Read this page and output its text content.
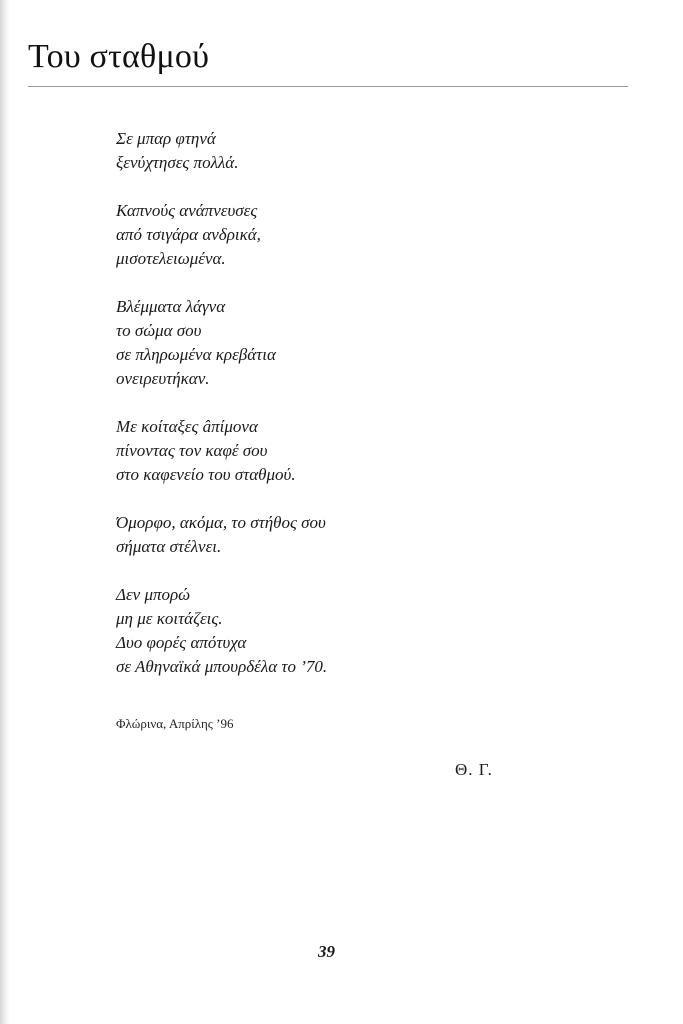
Του σταθμού

Σε μπαρ φτηνά
ξενύχτησες πολλά.

Καπνούς ανάπνευσες
από τσιγάρα ανδρικά,
μισοτελειωμένα.

Βλέμματα λάγνα
το σώμα σου
σε πληρωμένα κρεβάτια
ονειρευτήκαν.

Με κοίταξες âπίμονα
πίνοντας τον καφέ σου
στο καφενείο του σταθμού.

Όμορφο, ακόμα, το στήθος σου
σήματα στέλνει.

Δεν μπορώ
μη με κοιτάζεις.
Δυο φορές απότυχα
σε Αθηναϊκά μπουρδέλα το ’70.

Φλώρινα, Απρίλης ’96
Θ. Γ.
39
